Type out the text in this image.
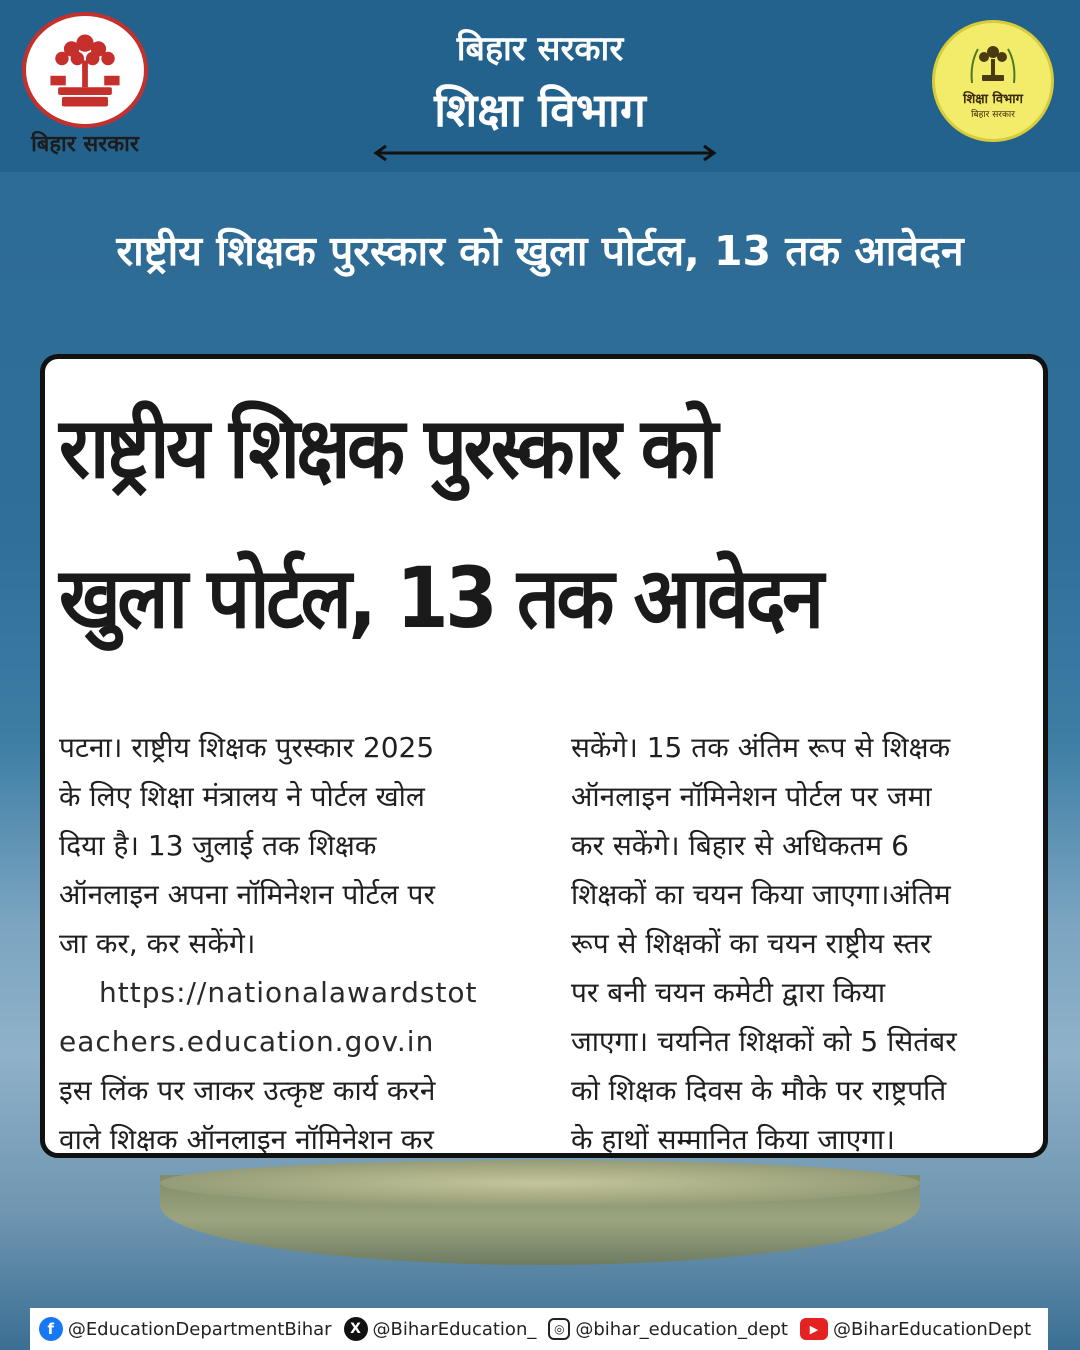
बिहार सरकार
बिहार सरकार
शिक्षा विभाग	शिक्षा विभाग
बिहार सरकार
राष्ट्रीय शिक्षक पुरस्कार को खुला पोर्टल, 13 तक आवेदन
राष्ट्रीय शिक्षक पुरस्कार को
खुला पोर्टल, 13 तक आवेदन
पटना। राष्ट्रीय शिक्षक पुरस्कार 2025
के लिए शिक्षा मंत्रालय ने पोर्टल खोल
दिया है। 13 जुलाई तक शिक्षक
ऑनलाइन अपना नॉमिनेशन पोर्टल पर
जा कर, कर सकेंगे।
https://nationalawardstot
eachers.education.gov.in
इस लिंक पर जाकर उत्कृष्ट कार्य करने
वाले शिक्षक ऑनलाइन नॉमिनेशन कर
सकेंगे। 15 तक अंतिम रूप से शिक्षक
ऑनलाइन नॉमिनेशन पोर्टल पर जमा
कर सकेंगे। बिहार से अधिकतम 6
शिक्षकों का चयन किया जाएगा।अंतिम
रूप से शिक्षकों का चयन राष्ट्रीय स्तर
पर बनी चयन कमेटी द्वारा किया
जाएगा। चयनित शिक्षकों को 5 सितंबर
को शिक्षक दिवस के मौके पर राष्ट्रपति
के हाथों सम्मानित किया जाएगा।
f @EducationDepartmentBihar	X @BiharEducation_	◎ @bihar_education_dept	▶ @BiharEducationDept
